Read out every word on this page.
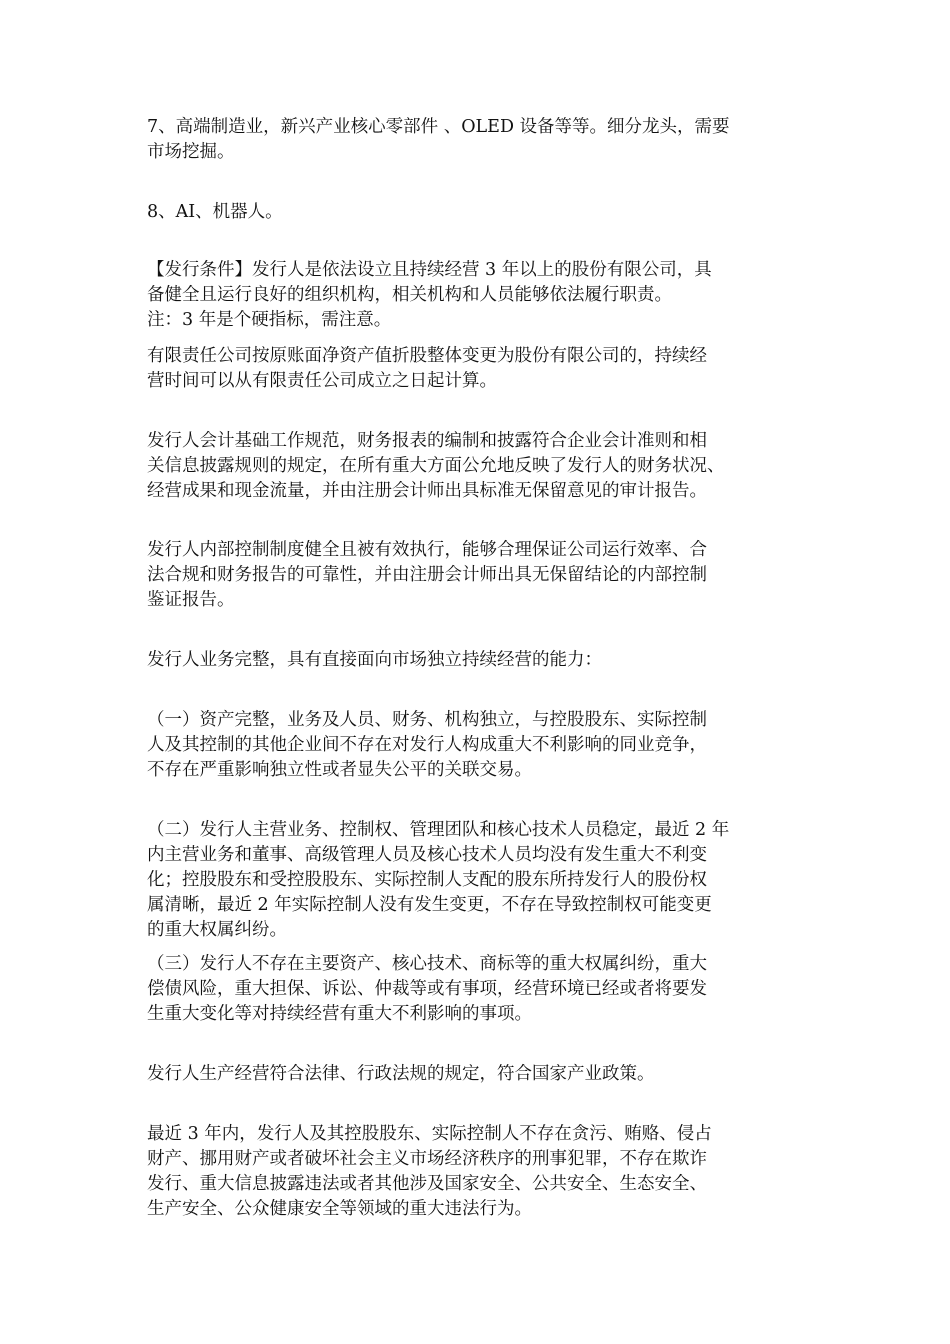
7、高端制造业，新兴产业核心零部件 、OLED 设备等等。细分龙头，需要
市场挖掘。

8、AI、机器人。

【发行条件】发行人是依法设立且持续经营 3 年以上的股份有限公司，具
备健全且运行良好的组织机构，相关机构和人员能够依法履行职责。
注：3 年是个硬指标，需注意。

有限责任公司按原账面净资产值折股整体变更为股份有限公司的，持续经
营时间可以从有限责任公司成立之日起计算。

发行人会计基础工作规范，财务报表的编制和披露符合企业会计准则和相
关信息披露规则的规定，在所有重大方面公允地反映了发行人的财务状况、
经营成果和现金流量，并由注册会计师出具标准无保留意见的审计报告。

发行人内部控制制度健全且被有效执行，能够合理保证公司运行效率、合
法合规和财务报告的可靠性，并由注册会计师出具无保留结论的内部控制
鉴证报告。

发行人业务完整，具有直接面向市场独立持续经营的能力：

（一）资产完整，业务及人员、财务、机构独立，与控股股东、实际控制
人及其控制的其他企业间不存在对发行人构成重大不利影响的同业竞争，
不存在严重影响独立性或者显失公平的关联交易。

（二）发行人主营业务、控制权、管理团队和核心技术人员稳定，最近 2 年
内主营业务和董事、高级管理人员及核心技术人员均没有发生重大不利变
化；控股股东和受控股股东、实际控制人支配的股东所持发行人的股份权
属清晰，最近 2 年实际控制人没有发生变更，不存在导致控制权可能变更
的重大权属纠纷。

（三）发行人不存在主要资产、核心技术、商标等的重大权属纠纷，重大
偿债风险，重大担保、诉讼、仲裁等或有事项，经营环境已经或者将要发
生重大变化等对持续经营有重大不利影响的事项。

发行人生产经营符合法律、行政法规的规定，符合国家产业政策。

最近 3 年内，发行人及其控股股东、实际控制人不存在贪污、贿赂、侵占
财产、挪用财产或者破坏社会主义市场经济秩序的刑事犯罪，不存在欺诈
发行、重大信息披露违法或者其他涉及国家安全、公共安全、生态安全、
生产安全、公众健康安全等领域的重大违法行为。
